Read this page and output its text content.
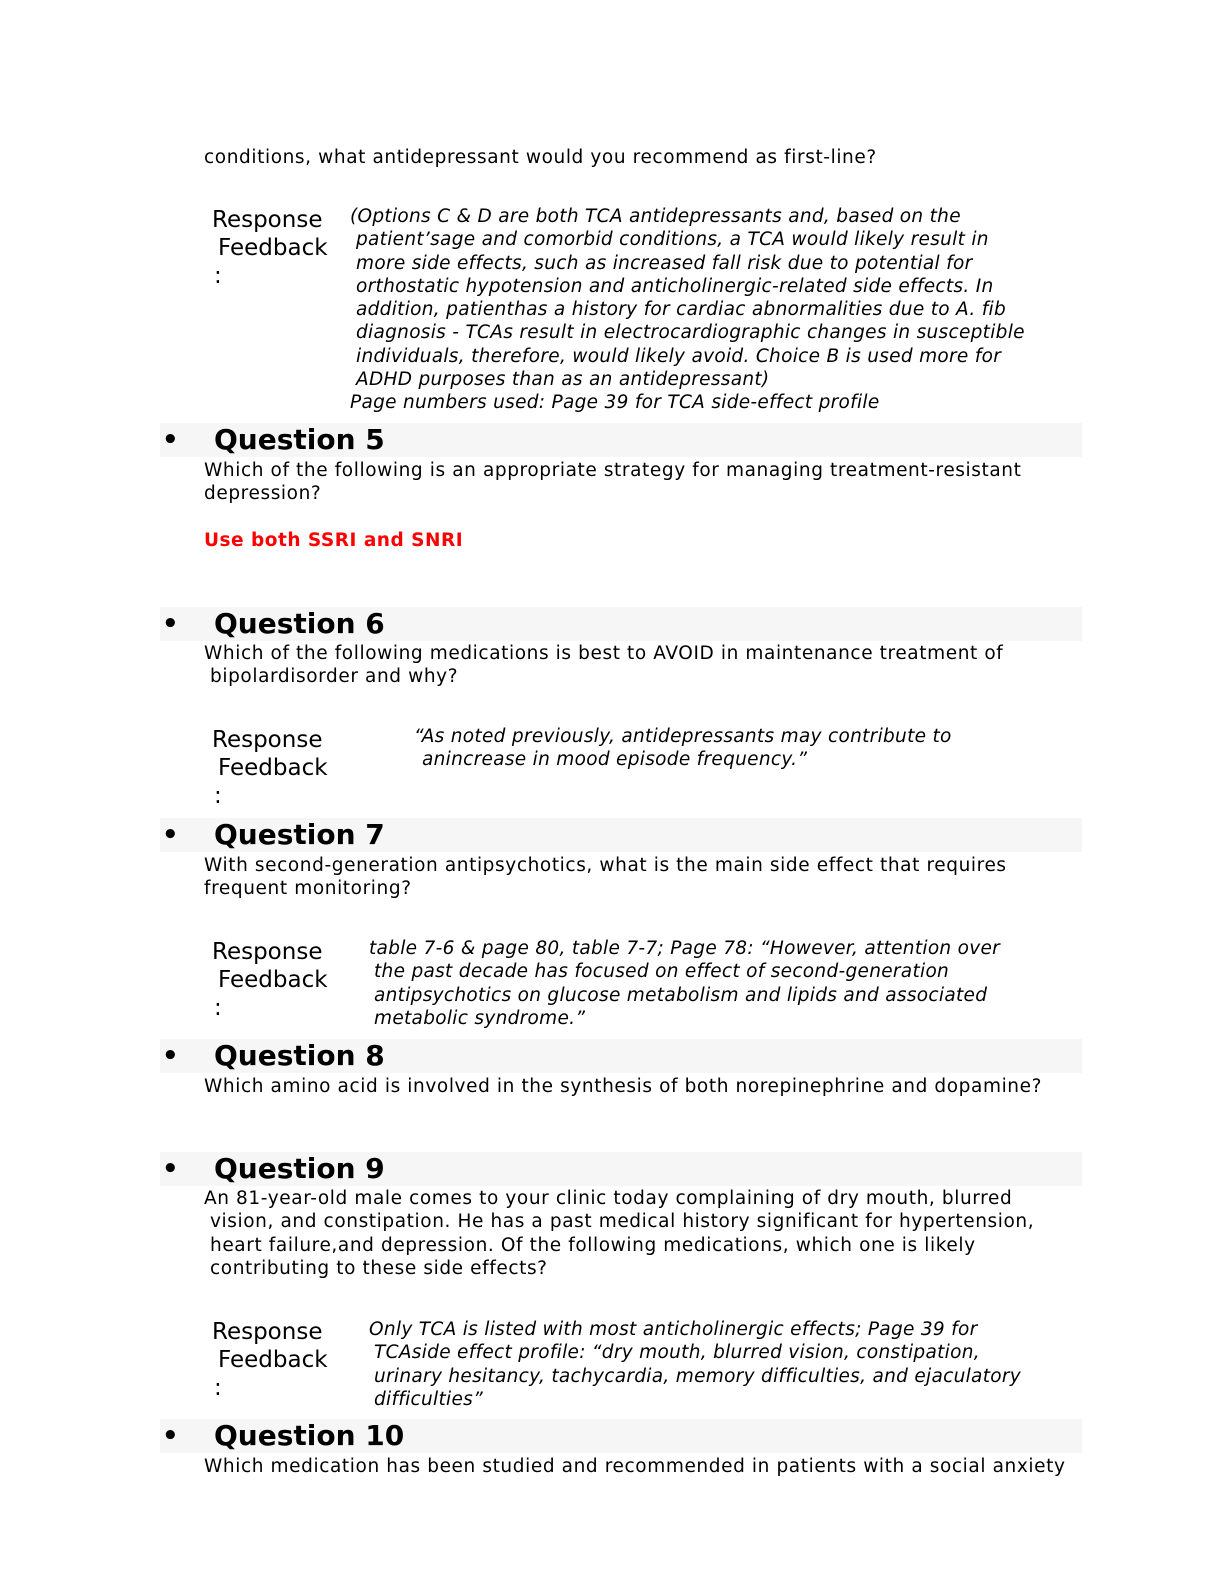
conditions, what antidepressant would you recommend as first-line?
Response
Feedback
:
(Options C & D are both TCA antidepressants and, based on the
patient’sage and comorbid conditions, a TCA would likely result in
more side effects, such as increased fall risk due to potential for
orthostatic hypotension and anticholinergic-related side effects. In
addition, patienthas a history for cardiac abnormalities due to A. fib
diagnosis - TCAs result in electrocardiographic changes in susceptible
individuals, therefore, would likely avoid. Choice B is used more for
ADHD purposes than as an antidepressant)
Page numbers used: Page 39 for TCA side-effect profile
• Question 5
Which of the following is an appropriate strategy for managing treatment-resistant
depression?
Use both SSRI and SNRI
• Question 6
Which of the following medications is best to AVOID in maintenance treatment of
bipolardisorder and why?
Response
Feedback
:
“As noted previously, antidepressants may contribute to
anincrease in mood episode frequency.”
• Question 7
With second-generation antipsychotics, what is the main side effect that requires
frequent monitoring?
Response
Feedback
:
table 7-6 & page 80, table 7-7; Page 78: “However, attention over
the past decade has focused on effect of second-generation
antipsychotics on glucose metabolism and lipids and associated
metabolic syndrome.”
• Question 8
Which amino acid is involved in the synthesis of both norepinephrine and dopamine?
• Question 9
An 81-year-old male comes to your clinic today complaining of dry mouth, blurred
vision, and constipation. He has a past medical history significant for hypertension,
heart failure,and depression. Of the following medications, which one is likely
contributing to these side effects?
Response
Feedback
:
Only TCA is listed with most anticholinergic effects; Page 39 for
TCAside effect profile: “dry mouth, blurred vision, constipation,
urinary hesitancy, tachycardia, memory difficulties, and ejaculatory
difficulties”
• Question 10
Which medication has been studied and recommended in patients with a social anxiety
